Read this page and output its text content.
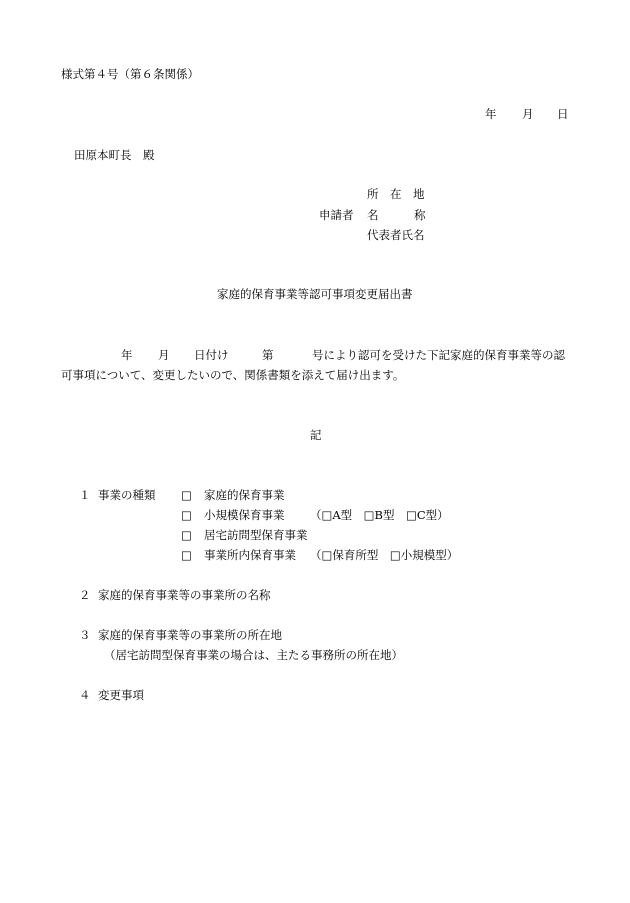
様式第４号（第６条関係）
年 月 日
田原本町長　殿
所　在　地
申請者 名	称
代表者氏名
家庭的保育事業等認可事項変更届出書
年 月 日付け	第	号により認可を受けた下記家庭的保育事業等の認
可事項について、変更したいので、関係書類を添えて届け出ます。
記
１ 事業の種類 □ 家庭的保育事業
□ 小規模保育事業 （□A型　□B型　□C型）
□ 居宅訪問型保育事業
□ 事業所内保育事業 （□保育所型　□小規模型）
２ 家庭的保育事業等の事業所の名称
３ 家庭的保育事業等の事業所の所在地
（居宅訪問型保育事業の場合は、主たる事務所の所在地）
４ 変更事項
